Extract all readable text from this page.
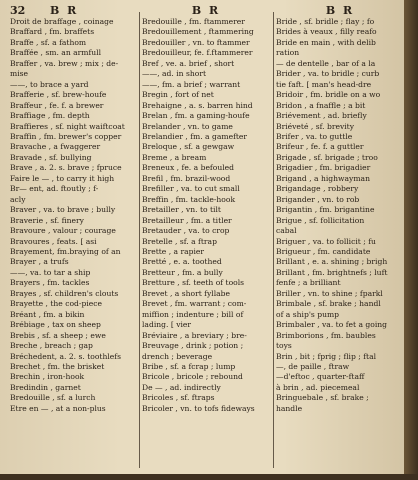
32	B R
Droit de braffage , coinage
Braffard , fm. braffets
Braffe , sf. a fathom
Braffée , sm. an armfull
Braffer , va. brew ; mix ; de-
mise
——, to brace a yard
Brafferie , sf. brew-houfe
Braffeur , fe. f. a brewer
Braffiage , fm. depth
Braffieres , sf. night waiftcoat
Braffin , fm. brewer's copper
Bravache , a fwaggerer
Bravade , sf. bullying
Brave , a. 2. s. brave ; fpruce
Faire le — , to carry it high
Br— ent, ad. ftoutly ; f-
acly
Braver , va. to brave ; bully
Braverie , sf. finery
Bravoure , valour ; courage
Bravoures , feats. [ asi
Brayement, fm.braying of an
Brayer , a trufs
——, va. to tar a ship
Brayers , fm. tackles
Brayes , sf. children's clouts
Brayette , the cod-piece
Bréant , fm. a bikin
Brébiage , tax on sheep
Brebis , sf. a sheep ; ewe
Breche , breach ; gap
Bréchedent, a. 2. s. toothlefs
Brechet , fm. the brisket
Brechin , iron-hook
Bredindin , garnet
Bredouille , sf. a lurch
Etre en — , at a non-plus
B R
Bredouille , fm. ftammerer
Bredouillement , ftammering
Bredouiller , vn. to ftammer
Bredouilleur, fe. f.ftammerer
Bref , ve. a. brief , short
——, ad. in short
——, fm. a brief ; warrant
Bregin , fort of net
Brehaigne , a. s. barren hind
Brelan , fm. a gaming-houfe
Brelander , vn. to game
Brelandier , fm. a gamefter
Breloque , sf. a gewgaw
Breme , a bream
Breneux , fe. a befouled
Brefil , fm. brazil-wood
Brefiller , va. to cut small
Breffin , fm. tackle-hook
Bretailler , vn. to tilt
Bretailleur , fm. a titler
Bretauder , va. to crop
Bretelle , sf. a ftrap
Brette , a rapier
Bretté , e. a. toothed
Bretteur , fm. a bully
Bretture , sf. teeth of tools
Brevet , a short fyllabe
Brevet , fm. warrant ; com-
miffion ; indenture ; bill of
lading. [ vier
Bréviaire , a breviary ; bre-
Breuvage , drink ; potion ;
drench ; beverage
Bribe , sf. a fcrap ; lump
Bricole , bricole ; rebound
De — , ad. indirectly
Bricoles , sf. ftraps
Bricoler , vn. to tofs fideways
B R
Bride , sf. bridle ; flay ; fo
Brides à veaux , filly reafo
Bride en main , with delib
ration
— de dentelle , bar of a la
Brider , va. to bridle ; curb
tie faft. [ man's head-dre
Bridoir , fm. bridle on a wo
Bridon , a fnaffle ; a bit
Briévement , ad. briefly
Briéveté , sf. brevity
Brifer , va. to guttle
Brifeur , fe. f. a guttler
Brigade , sf. brigade ; troo
Brigadier , fm. brigadier
Brigand , a highwayman
Brigandage , robbery
Brigander , vn. to rob
Brigantin , fm. brigantine
Brigue , sf. follicitation
cabal
Briguer , va. to follicit ; fu
Brigueur , fm. candidate
Brillant , e. a. shining ; brigh
Brillant , fm. brightnefs ; luft
fenfe ; a brilliant
Briller , vn. to shine ; fparkl
Brimbale , sf. brake ; handl
of a ship's pump
Brimbaler , va. to fet a going
Brimborions , fm. baubles
toys
Brin , bit ; fprig ; flip ; ftal
—, de paille , ftraw
—d'eftoc , quarter-ftaff
à brin , ad. piecemeal
Bringuebale , sf. brake ;
handle
